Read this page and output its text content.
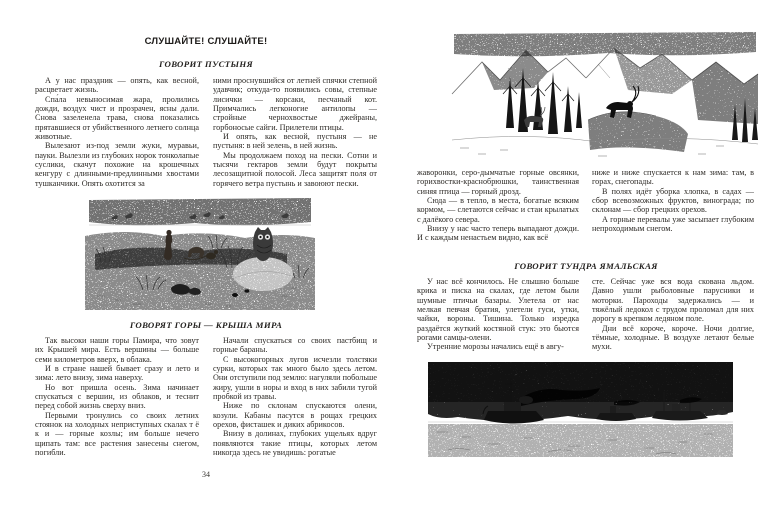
СЛУШАЙТЕ! СЛУШАЙТЕ!
ГОВОРИТ ПУСТЫНЯ

А у нас праздник — опять, как весной, расцветает жизнь.

Спа́ла невыносимая жара, пролились дожди, воздух чист и прозрачен, ясны дали. Снова зазеленела трава, снова показались прятавшиеся от убийственного летнего солнца животные.

Вылезают из-под земли жуки, муравьи, пауки. Вылезли из глубоких норок тонколапые суслики, скачут похожие на крошечных кенгуру с длинными-предлинными хвостами тушканчики. Опять охотится за

ними проснувшийся от летней спячки степной удавчик; откуда-то появились совы, степные лисички — корсаки, песчаный кот. Примчались легконогие антилопы — стройные чернохвостые джейраны, горбоносые сайги. Прилетели птицы.

И опять, как весной, пустыня — не пустыня: в ней зелень, в ней жизнь.

Мы продолжаем поход на пески. Сотни и тысячи гектаров земли будут покрыты лесозащитной полосой. Леса защитят поля от горячего ветра пустынь и завоюют пески.

ГОВОРЯТ ГОРЫ — КРЫША МИРА

Так высоки наши горы Памира, что зовут их Крышей мира. Есть вершины — больше семи километров вверх, в облака.

И в стране нашей бывает сразу и лето и зима: лето внизу, зима наверху.

Но вот пришла осень. Зима начинает спускаться с вершин, из облаков, и теснит перед собой жизнь сверху вниз.

Первыми тронулись со своих летних стоянок на холодных неприступных скалах т ё к и — горные козлы; им больше нечего щипать там: все растения занесены снегом, погибли.

Начали спускаться со своих пастбищ и горные бараны.

С высокогорных лугов исчезли толстяки сурки, которых так много было здесь летом. Они отступили под землю: нагуляли побольше жиру, ушли в норы и вход в них забили тугой пробкой из травы.

Ниже по склонам спускаются олени, козули. Кабаны пасутся в рощах грецких орехов, фисташек и диких абрикосов.

Внизу в долинах, глубоких ущельях вдруг появляются такие птицы, которых летом никогда здесь не увидишь: рогатые

34

жаворонки, серо-дымчатые горные овсянки, горихвостки-краснобрюшки, таинственная синяя птица — горный дрозд.

Сюда — в тепло, в места, богатые всяким кормом, — слетаются сейчас и стаи крылатых с далёкого севера.

Внизу у нас часто теперь выпадают дожди. И с каждым ненастьем видно, как всё

ниже и ниже спускается к нам зима: там, в горах, снегопады.

В полях идёт уборка хлопка, в садах — сбор всевозможных фруктов, винограда; по склонам — сбор грецких орехов.

А горные перевалы уже засыпает глубоким непроходимым снегом.

ГОВОРИТ ТУНДРА ЯМАЛЬСКАЯ

У нас всё кончилось. Не слышно больше крика и писка на скалах, где летом были шумные птичьи базары. Улетела от нас мелкая певчая братия, улетели гуси, утки, чайки, вороны. Тишина. Только изредка раздаётся жуткий костяной стук: это бьются рогами самцы-олени.

Утренние морозы начались ещё в авгу-

сте. Сейчас уже вся вода скована льдом. Давно ушли рыболовные парусники и моторки. Пароходы задержались — и тяжёлый ледокол с трудом проломал для них дорогу в крепком ледяном поле.

Дни всё короче, короче. Ночи долгие, тёмные, холодные. В воздухе летают белые мухи.
